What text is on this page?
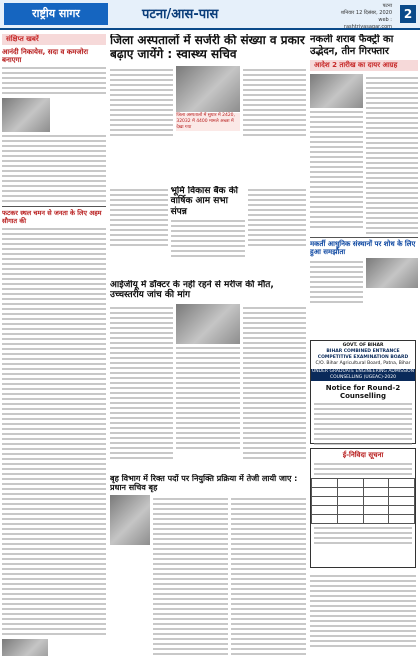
राष्ट्रीय सागर	पटना/आस-पास
पटना
शनिवार 12 दिसंबर, 2020
web : rashtriyasagar.com
2
संक्षिप्त खबरें
आनंदी निकायेस, सदा व कमजोरा बनाएगा
फटकर स्थल चमन से जनता के लिए अहम सौगात की
जिला अस्पतालों में सर्जरी की संख्या व प्रकार बढ़ाए जायेंगे : स्वास्थ्य सचिव
जिला अस्पतालों में सुधार में 2420, 32032 में 4400 मामले अच्छा में देखा गया
भूमि विकास बैंक की वार्षिक आम सभा संपन्न
आईजीयू में डॉक्टर के नहीं रहने से मरीज की मौत, उच्चस्तरीय जांच की मांग
बृह विभाग में रिक्त पदों पर नियुक्ति प्रक्रिया में तेजी लायी जाए : प्रधान सचिव बृह
नकली शराब फैक्ट्री का उद्भेदन, तीन गिरफ्तार
आदेश 2 तारीख का दायर आग्रह
मकर्ती आधुनिक संस्थानों पर शोध के लिए हुआ समझौता
GOVT. OF BIHAR
BIHAR COMBINED ENTRANCE COMPETITIVE EXAMINATION BOARD
C/O. Bihar Agricultural Board, Patna, Bihar
UNDER GRADUATE ENGINEERING ADMISSION COUNSELLING (UGEAC)-2020
Notice for Round-2 Counselling
ई-निविदा सूचना
